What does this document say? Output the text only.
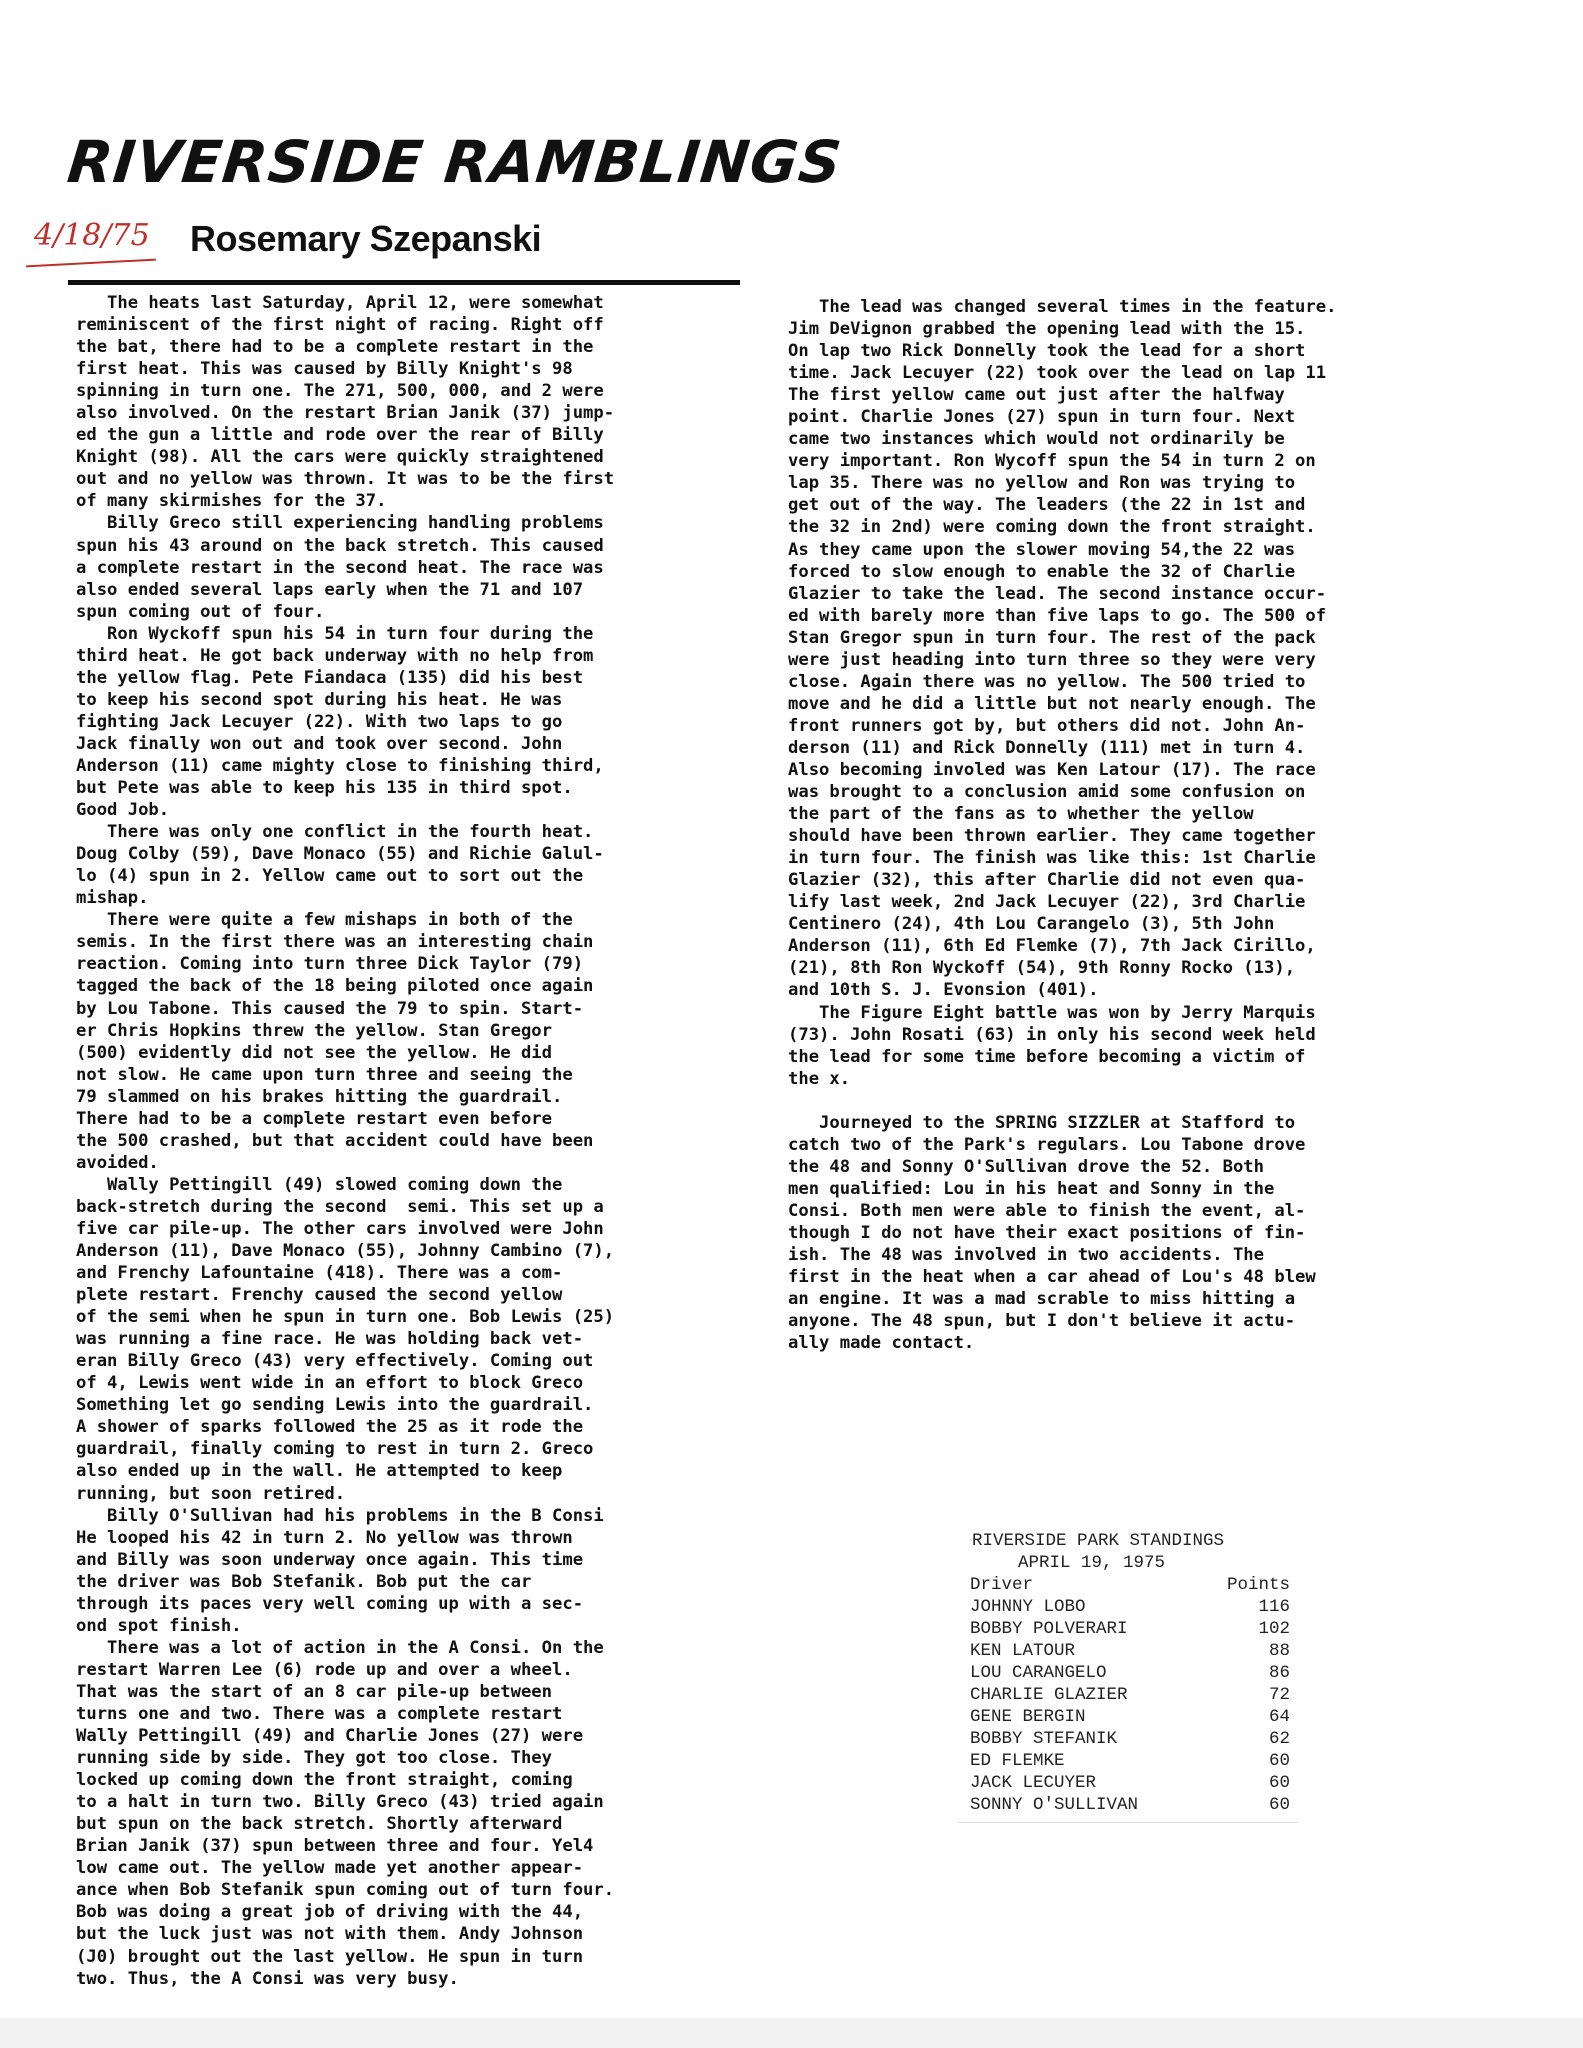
RIVERSIDE RAMBLINGS
4/18/75 Rosemary Szepanski
The heats last Saturday, April 12, were somewhat
reminiscent of the first night of racing. Right off
the bat, there had to be a complete restart in the
first heat. This was caused by Billy Knight's 98
spinning in turn one. The 271, 500, 000, and 2 were
also involved. On the restart Brian Janik (37) jump-
ed the gun a little and rode over the rear of Billy
Knight (98). All the cars were quickly straightened
out and no yellow was thrown. It was to be the first
of many skirmishes for the 37.
Billy Greco still experiencing handling problems
spun his 43 around on the back stretch. This caused
a complete restart in the second heat. The race was
also ended several laps early when the 71 and 107
spun coming out of four.
Ron Wyckoff spun his 54 in turn four during the
third heat. He got back underway with no help from
the yellow flag. Pete Fiandaca (135) did his best
to keep his second spot during his heat. He was
fighting Jack Lecuyer (22). With two laps to go
Jack finally won out and took over second. John
Anderson (11) came mighty close to finishing third,
but Pete was able to keep his 135 in third spot.
Good Job.
There was only one conflict in the fourth heat.
Doug Colby (59), Dave Monaco (55) and Richie Galul-
lo (4) spun in 2. Yellow came out to sort out the
mishap.
There were quite a few mishaps in both of the
semis. In the first there was an interesting chain
reaction. Coming into turn three Dick Taylor (79)
tagged the back of the 18 being piloted once again
by Lou Tabone. This caused the 79 to spin. Start-
er Chris Hopkins threw the yellow. Stan Gregor
(500) evidently did not see the yellow. He did
not slow. He came upon turn three and seeing the
79 slammed on his brakes hitting the guardrail.
There had to be a complete restart even before
the 500 crashed, but that accident could have been
avoided.
Wally Pettingill (49) slowed coming down the
back-stretch during the second  semi. This set up a
five car pile-up. The other cars involved were John
Anderson (11), Dave Monaco (55), Johnny Cambino (7),
and Frenchy Lafountaine (418). There was a com-
plete restart. Frenchy caused the second yellow
of the semi when he spun in turn one. Bob Lewis (25)
was running a fine race. He was holding back vet-
eran Billy Greco (43) very effectively. Coming out
of 4, Lewis went wide in an effort to block Greco
Something let go sending Lewis into the guardrail.
A shower of sparks followed the 25 as it rode the
guardrail, finally coming to rest in turn 2. Greco
also ended up in the wall. He attempted to keep
running, but soon retired.
Billy O'Sullivan had his problems in the B Consi
He looped his 42 in turn 2. No yellow was thrown
and Billy was soon underway once again. This time
the driver was Bob Stefanik. Bob put the car
through its paces very well coming up with a sec-
ond spot finish.
There was a lot of action in the A Consi. On the
restart Warren Lee (6) rode up and over a wheel.
That was the start of an 8 car pile-up between
turns one and two. There was a complete restart
Wally Pettingill (49) and Charlie Jones (27) were
running side by side. They got too close. They
locked up coming down the front straight, coming
to a halt in turn two. Billy Greco (43) tried again
but spun on the back stretch. Shortly afterward
Brian Janik (37) spun between three and four. Yel4
low came out. The yellow made yet another appear-
ance when Bob Stefanik spun coming out of turn four.
Bob was doing a great job of driving with the 44,
but the luck just was not with them. Andy Johnson
(J0) brought out the last yellow. He spun in turn
two. Thus, the A Consi was very busy.
The lead was changed several times in the feature.
Jim DeVignon grabbed the opening lead with the 15.
On lap two Rick Donnelly took the lead for a short
time. Jack Lecuyer (22) took over the lead on lap 11
The first yellow came out just after the halfway
point. Charlie Jones (27) spun in turn four. Next
came two instances which would not ordinarily be
very important. Ron Wycoff spun the 54 in turn 2 on
lap 35. There was no yellow and Ron was trying to
get out of the way. The leaders (the 22 in 1st and
the 32 in 2nd) were coming down the front straight.
As they came upon the slower moving 54,the 22 was
forced to slow enough to enable the 32 of Charlie
Glazier to take the lead. The second instance occur-
ed with barely more than five laps to go. The 500 of
Stan Gregor spun in turn four. The rest of the pack
were just heading into turn three so they were very
close. Again there was no yellow. The 500 tried to
move and he did a little but not nearly enough. The
front runners got by, but others did not. John An-
derson (11) and Rick Donnelly (111) met in turn 4.
Also becoming involed was Ken Latour (17). The race
was brought to a conclusion amid some confusion on
the part of the fans as to whether the yellow
should have been thrown earlier. They came together
in turn four. The finish was like this: 1st Charlie
Glazier (32), this after Charlie did not even qua-
lify last week, 2nd Jack Lecuyer (22), 3rd Charlie
Centinero (24), 4th Lou Carangelo (3), 5th John
Anderson (11), 6th Ed Flemke (7), 7th Jack Cirillo,
(21), 8th Ron Wyckoff (54), 9th Ronny Rocko (13),
and 10th S. J. Evonsion (401).
The Figure Eight battle was won by Jerry Marquis
(73). John Rosati (63) in only his second week held
the lead for some time before becoming a victim of
the x.
Journeyed to the SPRING SIZZLER at Stafford to
catch two of the Park's regulars. Lou Tabone drove
the 48 and Sonny O'Sullivan drove the 52. Both
men qualified: Lou in his heat and Sonny in the
Consi. Both men were able to finish the event, al-
though I do not have their exact positions of fin-
ish. The 48 was involved in two accidents. The
first in the heat when a car ahead of Lou's 48 blew
an engine. It was a mad scrable to miss hitting a
anyone. The 48 spun, but I don't believe it actu-
ally made contact.
RIVERSIDE PARK STANDINGS
APRIL 19, 1975
Driver	Points
JOHNNY LOBO	116
BOBBY POLVERARI	102
KEN LATOUR	88
LOU CARANGELO	86
CHARLIE GLAZIER	72
GENE BERGIN	64
BOBBY STEFANIK	62
ED FLEMKE	60
JACK LECUYER	60
SONNY O'SULLIVAN	60
